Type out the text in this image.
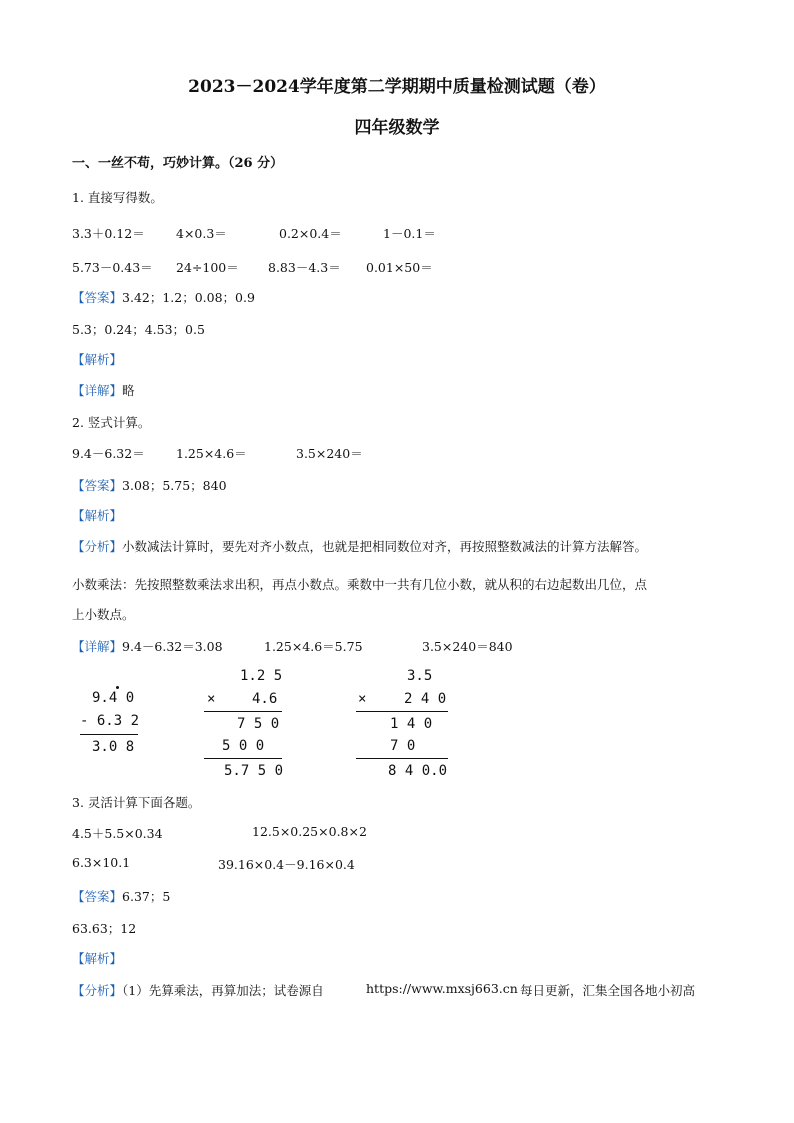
2023－2024学年度第二学期期中质量检测试题（卷）
四年级数学
一、一丝不苟，巧妙计算。（26 分）
1. 直接写得数。
3.3＋0.12＝	4×0.3＝	0.2×0.4＝	1－0.1＝
5.73－0.43＝ 24÷100＝ 8.83－4.3＝ 0.01×50＝
【答案】3.42；1.2；0.08；0.9
5.3；0.24；4.53；0.5
【解析】
【详解】略
2. 竖式计算。
9.4－6.32＝	1.25×4.6＝	3.5×240＝
【答案】3.08；5.75；840
【解析】
【分析】小数减法计算时，要先对齐小数点，也就是把相同数位对齐，再按照整数减法的计算方法解答。
小数乘法：先按照整数乘法求出积，再点小数点。乘数中一共有几位小数，就从积的右边起数出几位，点
上小数点。
【详解】9.4－6.32＝3.08	1.25×4.6＝5.75	3.5×240＝840
9.4 0
- 6.3 2
3.0 8
1.2 5
×	4.6
7 5 0
5 0 0
5.7 5 0
3.5
×	2 4 0
1 4 0
7 0
8 4 0.0
3. 灵活计算下面各题。
4.5＋5.5×0.34	12.5×0.25×0.8×2
6.3×10.1	39.16×0.4－9.16×0.4
【答案】6.37；5
63.63；12
【解析】
【分析】（1）先算乘法，再算加法；试卷源自	https://www.mxsj663.cn 每日更新，汇集全国各地小初高
